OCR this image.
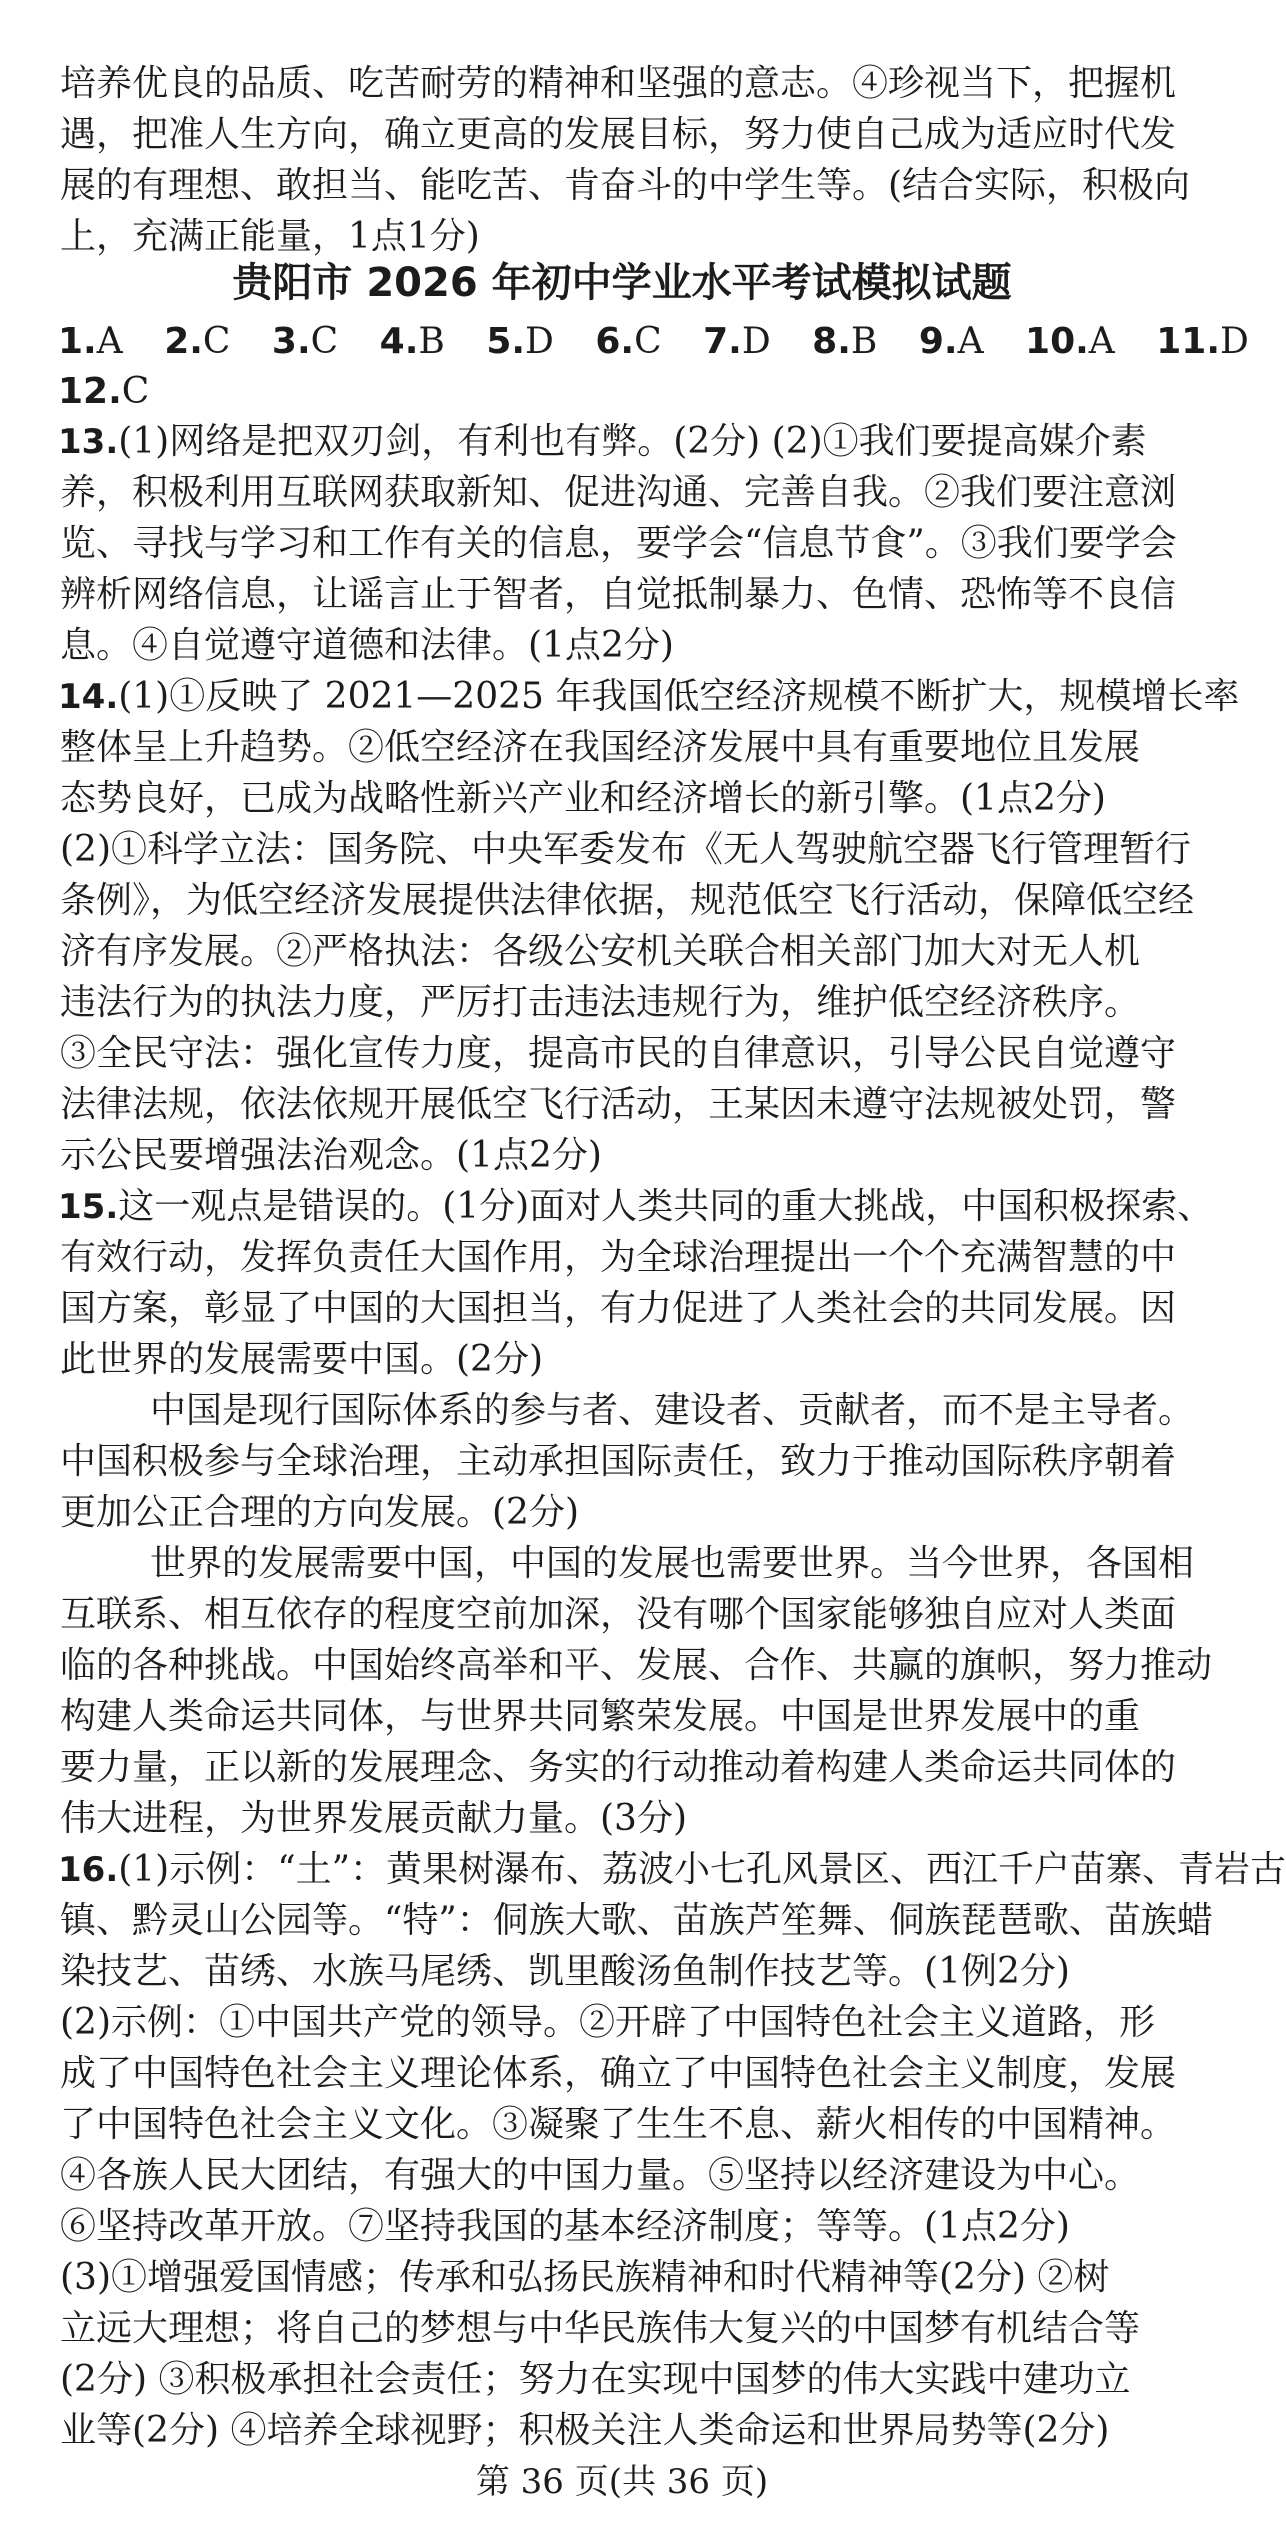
培养优良的品质、吃苦耐劳的精神和坚强的意志。④珍视当下，把握机
遇，把准人生方向，确立更高的发展目标，努力使自己成为适应时代发
展的有理想、敢担当、能吃苦、肯奋斗的中学生等。(结合实际，积极向
上，充满正能量，1点1分)
贵阳市 2026 年初中学业水平考试模拟试题
1.A 2.C 3.C 4.B 5.D 6.C 7.D 8.B 9.A 10.A 11.D
12.C
13.(1)网络是把双刃剑，有利也有弊。(2分) (2)①我们要提高媒介素
养，积极利用互联网获取新知、促进沟通、完善自我。②我们要注意浏
览、寻找与学习和工作有关的信息，要学会“信息节食”。③我们要学会
辨析网络信息，让谣言止于智者，自觉抵制暴力、色情、恐怖等不良信
息。④自觉遵守道德和法律。(1点2分)
14.(1)①反映了 2021—2025 年我国低空经济规模不断扩大，规模增长率
整体呈上升趋势。②低空经济在我国经济发展中具有重要地位且发展
态势良好，已成为战略性新兴产业和经济增长的新引擎。(1点2分)
(2)①科学立法：国务院、中央军委发布《无人驾驶航空器飞行管理暂行
条例》，为低空经济发展提供法律依据，规范低空飞行活动，保障低空经
济有序发展。②严格执法：各级公安机关联合相关部门加大对无人机
违法行为的执法力度，严厉打击违法违规行为，维护低空经济秩序。
③全民守法：强化宣传力度，提高市民的自律意识，引导公民自觉遵守
法律法规，依法依规开展低空飞行活动，王某因未遵守法规被处罚，警
示公民要增强法治观念。(1点2分)
15.这一观点是错误的。(1分)面对人类共同的重大挑战，中国积极探索、
有效行动，发挥负责任大国作用，为全球治理提出一个个充满智慧的中
国方案，彰显了中国的大国担当，有力促进了人类社会的共同发展。因
此世界的发展需要中国。(2分)
中国是现行国际体系的参与者、建设者、贡献者，而不是主导者。
中国积极参与全球治理，主动承担国际责任，致力于推动国际秩序朝着
更加公正合理的方向发展。(2分)
世界的发展需要中国，中国的发展也需要世界。当今世界，各国相
互联系、相互依存的程度空前加深，没有哪个国家能够独自应对人类面
临的各种挑战。中国始终高举和平、发展、合作、共赢的旗帜，努力推动
构建人类命运共同体，与世界共同繁荣发展。中国是世界发展中的重
要力量，正以新的发展理念、务实的行动推动着构建人类命运共同体的
伟大进程，为世界发展贡献力量。(3分)
16.(1)示例：“土”：黄果树瀑布、荔波小七孔风景区、西江千户苗寨、青岩古
镇、黔灵山公园等。“特”：侗族大歌、苗族芦笙舞、侗族琵琶歌、苗族蜡
染技艺、苗绣、水族马尾绣、凯里酸汤鱼制作技艺等。(1例2分)
(2)示例：①中国共产党的领导。②开辟了中国特色社会主义道路，形
成了中国特色社会主义理论体系，确立了中国特色社会主义制度，发展
了中国特色社会主义文化。③凝聚了生生不息、薪火相传的中国精神。
④各族人民大团结，有强大的中国力量。⑤坚持以经济建设为中心。
⑥坚持改革开放。⑦坚持我国的基本经济制度；等等。(1点2分)
(3)①增强爱国情感；传承和弘扬民族精神和时代精神等(2分) ②树
立远大理想；将自己的梦想与中华民族伟大复兴的中国梦有机结合等
(2分) ③积极承担社会责任；努力在实现中国梦的伟大实践中建功立
业等(2分) ④培养全球视野；积极关注人类命运和世界局势等(2分)
第 36 页(共 36 页)
